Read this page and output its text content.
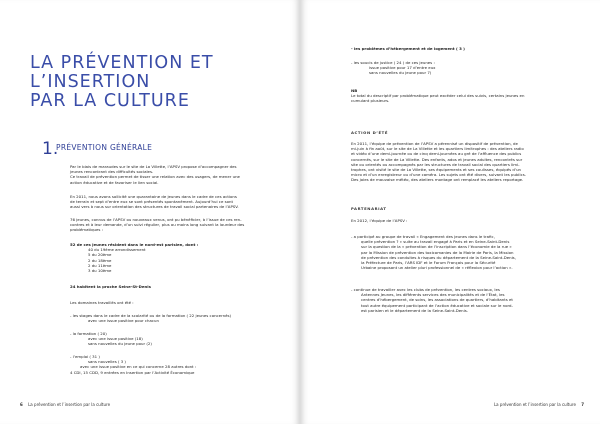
LA PRÉVENTION ET
L’INSERTION
PAR LA CULTURE
1.
PRÉVENTION GÉNÉRALE

Par le biais de maraudes sur le site de La Villette, l’APSV propose d’accompagner des

jeunes rencontrant des difficultés sociales.

Ce travail de prévention permet de tisser une relation avec des usagers, de mener une

action éducative et de favoriser le lien social.

En 2011, nous avons sollicité une quarantaine de jeunes dans le cadre de ces actions

de terrain et sept d’entre eux se sont présentés spontanément. Aujourd’hui ce sont

aussi vers à nous sur orientation des structures de travail social partenaires de l’APSV.

76 jeunes, connus de l’APSV ou nouveaux venus, ont pu bénéficier, à l’issue de ces ren-

contres et à leur demande, d’un suivi régulier, plus ou moins long suivant la lourdeur des

problématiques :

52 de ces jeunes résident dans le nord-est parisien, dont :

40 du 19ème arrondissement

5 du 20ème

2 du 18ème

2 du 11ème

3 du 10ème

24 habitent la proche Seine-St-Denis
Les domaines travaillés ont été :

- les stages dans le cadre de la scolarité ou de la formation ( 22 jeunes concernés)

avec une issue positive pour chacun

- la formation ( 20)

avec une issue positive (18)

sans nouvelles du jeune pour (2)

- l’emploi ( 31 )

sans nouvelles ( 3 )

avec une issue positive en ce qui concerne 28 autres dont :

4 CDI, 15 CDD, 9 entrées en Insertion par l’Activité Économique

6 La prévention et l’insertion par la culture

- les problèmes d’hébergement et de logement ( 3 )

- les soucis de justice ( 24 ) de ces jeunes :

issue positive pour 17 d’entre eux

sans nouvelles du jeune pour 7)

NB

Le total du descriptif par problématique peut excéder celui des suivis, certains jeunes en

cumulant plusieurs.

ACTION D’ÉTÉ

En 2011, l’équipe de prévention de l’APSV a pérennisé un dispositif de prévention, de

mi-juin à fin août, sur le site de La Villette et les quartiers limitrophes : des ateliers radio

et vidéo d’une demi-journée ou de cinq demi-journées au gré de l’affluence des publics

concernés, sur le site de La Villette. Des enfants, ados et jeunes adultes, rencontrés sur

site ou orientés ou accompagnés par les structures de travail social des quartiers limi-

trophes, ont visité le site de La Villette, ses équipements et ses coulisses, équipés d’un

micro et d’un enregistreur ou d’une caméra. Les sujets ont été divers, suivant les publics.

Des joies de mauvaise météo, des ateliers montage ont remplacé les ateliers reportage.

PARTENARIAT
En 2012, l’équipe de l’APSV :

- a participé au groupe de travail « Engagement des jeunes dans le trafic,

quelle prévention ? » suite au travail engagé à Paris et en Seine-Saint-Denis

sur la question de la « prévention de l’inscription dans l’économie de la rue »

par la Mission de prévention des toxicomanies de la Mairie de Paris, la Mission

de prévention des conduites à risques du département de la Seine-Saint-Denis,

la Préfecture de Paris, l’ARS IDF et le Forum Français pour la Sécurité

Urbaine proposant un atelier pluri professionnel de « réflexion pour l’action ».

- continue de travailler avec les clubs de prévention, les centres sociaux, les

Antennes Jeunes, les différents services des municipalités et de l’État, les

centres d’hébergement, de soins, les associations de quartiers, d’habitants et

tout autre équipement participant de l’action éducative et sociale sur le nord-

est parisien et le département de la Seine-Saint-Denis.

La prévention et l’insertion par la culture 7
